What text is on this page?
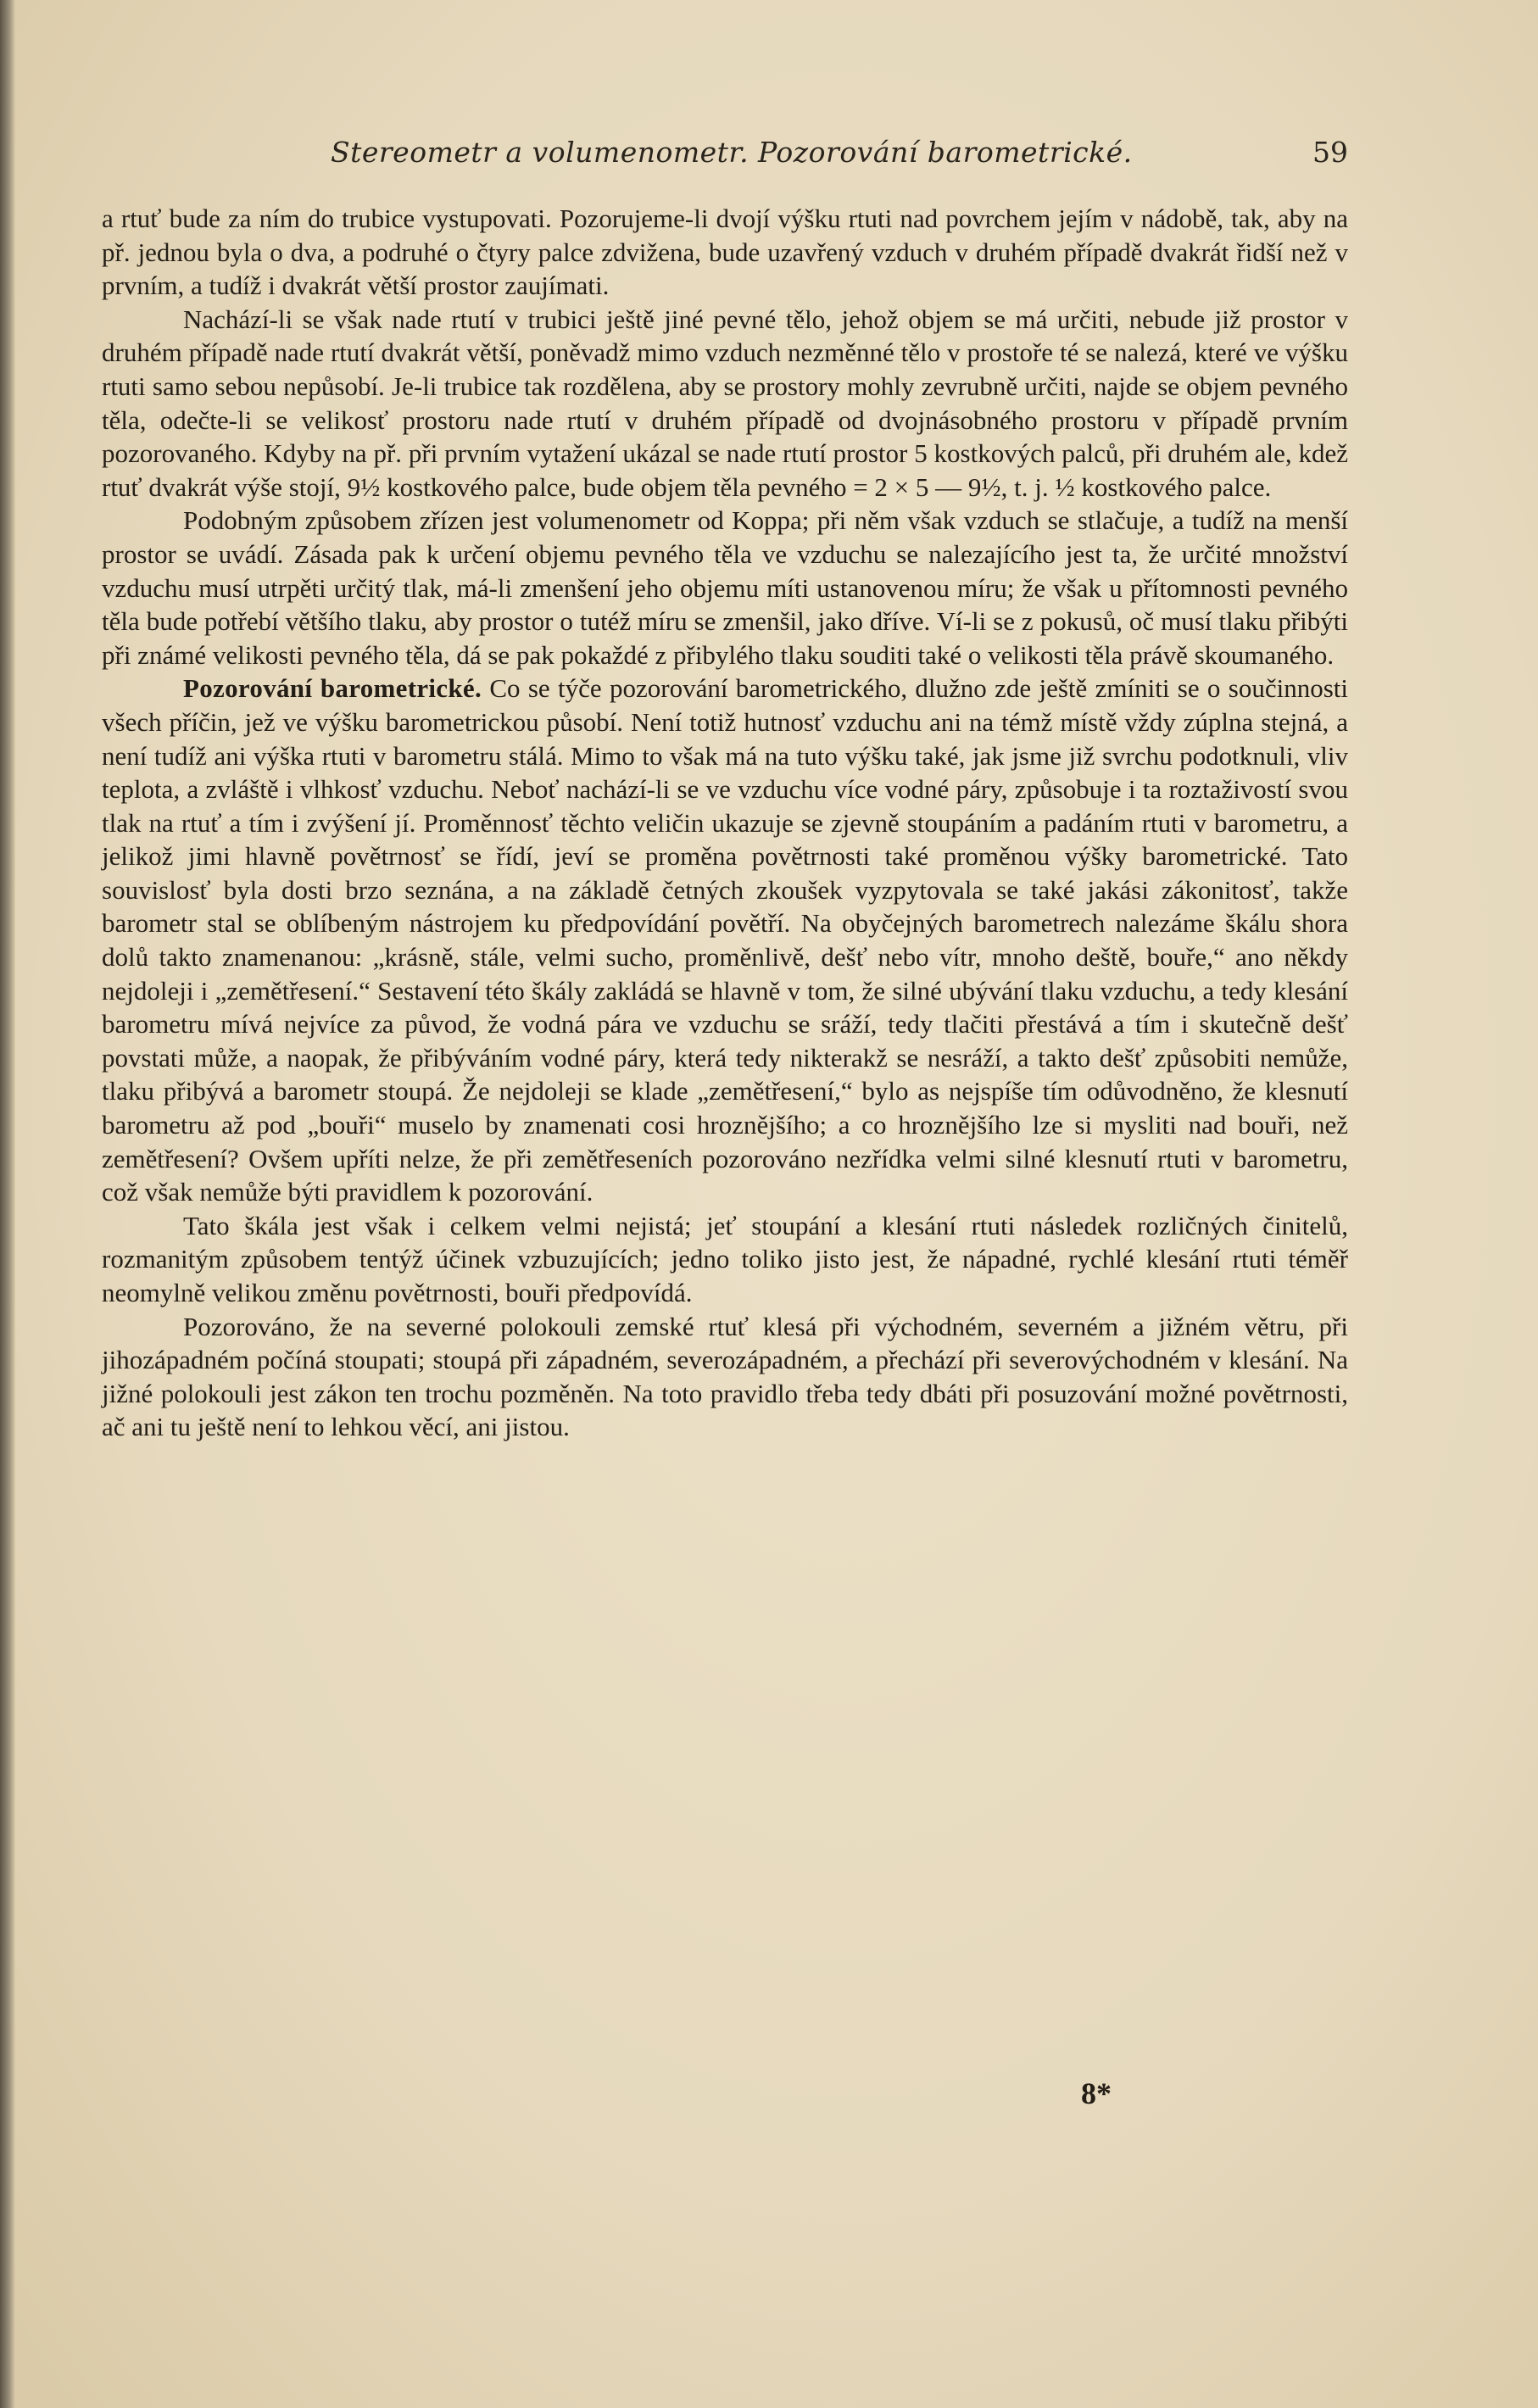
Stereometr a volumenometr. Pozorování barometrické.	59

a rtuť bude za ním do trubice vystupovati. Pozorujeme-li dvojí výšku rtuti nad povrchem jejím v nádobě, tak, aby na př. jednou byla o dva, a podruhé o čtyry palce zdvižena, bude uzavřený vzduch v druhém případě dvakrát řidší než v prvním, a tudíž i dvakrát větší prostor zaujímati.

Nachází-li se však nade rtutí v trubici ještě jiné pevné tělo, jehož objem se má určiti, nebude již prostor v druhém případě nade rtutí dvakrát větší, poněvadž mimo vzduch nezměnné tělo v prostoře té se nalezá, které ve výšku rtuti samo sebou nepůsobí. Je-li trubice tak rozdělena, aby se prostory mohly zevrubně určiti, najde se objem pevného těla, odečte-li se velikosť prostoru nade rtutí v druhém případě od dvojnásobného prostoru v případě prvním pozorovaného. Kdyby na př. při prvním vytažení ukázal se nade rtutí prostor 5 kostkových palců, při druhém ale, kdež rtuť dvakrát výše stojí, 9½ kostkového palce, bude objem těla pevného = 2 × 5 — 9½, t. j. ½ kostkového palce.

Podobným způsobem zřízen jest volumenometr od Koppa; při něm však vzduch se stlačuje, a tudíž na menší prostor se uvádí. Zásada pak k určení objemu pevného těla ve vzduchu se nalezajícího jest ta, že určité množství vzduchu musí utrpěti určitý tlak, má-li zmenšení jeho objemu míti ustanovenou míru; že však u přítomnosti pevného těla bude potřebí většího tlaku, aby prostor o tutéž míru se zmenšil, jako dříve. Ví-li se z pokusů, oč musí tlaku přibýti při známé velikosti pevného těla, dá se pak pokaždé z přibylého tlaku souditi také o velikosti těla právě skoumaného.

Pozorování barometrické. Co se týče pozorování barometrického, dlužno zde ještě zmíniti se o součinnosti všech příčin, jež ve výšku barometrickou působí. Není totiž hutnosť vzduchu ani na témž místě vždy zúplna stejná, a není tudíž ani výška rtuti v barometru stálá. Mimo to však má na tuto výšku také, jak jsme již svrchu podotknuli, vliv teplota, a zvláště i vlhkosť vzduchu. Neboť nachází-li se ve vzduchu více vodné páry, způsobuje i ta roztaživostí svou tlak na rtuť a tím i zvýšení jí. Proměnnosť těchto veličin ukazuje se zjevně stoupáním a padáním rtuti v barometru, a jelikož jimi hlavně povětrnosť se řídí, jeví se proměna povětrnosti také proměnou výšky barometrické. Tato souvislosť byla dosti brzo seznána, a na základě četných zkoušek vyzpytovala se také jakási zákonitosť, takže barometr stal se oblíbeným nástrojem ku předpovídání povětří. Na obyčejných barometrech nalezáme škálu shora dolů takto znamenanou: „krásně, stále, velmi sucho, proměnlivě, dešť nebo vítr, mnoho deště, bouře,“ ano někdy nejdoleji i „zemětřesení.“ Sestavení této škály zakládá se hlavně v tom, že silné ubývání tlaku vzduchu, a tedy klesání barometru mívá nejvíce za původ, že vodná pára ve vzduchu se sráží, tedy tlačiti přestává a tím i skutečně dešť povstati může, a naopak, že přibýváním vodné páry, která tedy nikterakž se nesráží, a takto dešť způsobiti nemůže, tlaku přibývá a barometr stoupá. Že nejdoleji se klade „zemětřesení,“ bylo as nejspíše tím odůvodněno, že klesnutí barometru až pod „bouři“ muselo by znamenati cosi hroznějšího; a co hroznějšího lze si mysliti nad bouři, než zemětřesení? Ovšem upříti nelze, že při zemětřeseních pozorováno nezřídka velmi silné klesnutí rtuti v barometru, což však nemůže býti pravidlem k pozorování.

Tato škála jest však i celkem velmi nejistá; jeť stoupání a klesání rtuti následek rozličných činitelů, rozmanitým způsobem tentýž účinek vzbuzujících; jedno toliko jisto jest, že nápadné, rychlé klesání rtuti téměř neomylně velikou změnu povětrnosti, bouři předpovídá.

Pozorováno, že na severné polokouli zemské rtuť klesá při východném, severném a jižném větru, při jihozápadném počíná stoupati; stoupá při západném, severozápadném, a přechází při severovýchodném v klesání. Na jižné polokouli jest zákon ten trochu pozměněn. Na toto pravidlo třeba tedy dbáti při posuzování možné povětrnosti, ač ani tu ještě není to lehkou věcí, ani jistou.

8*
